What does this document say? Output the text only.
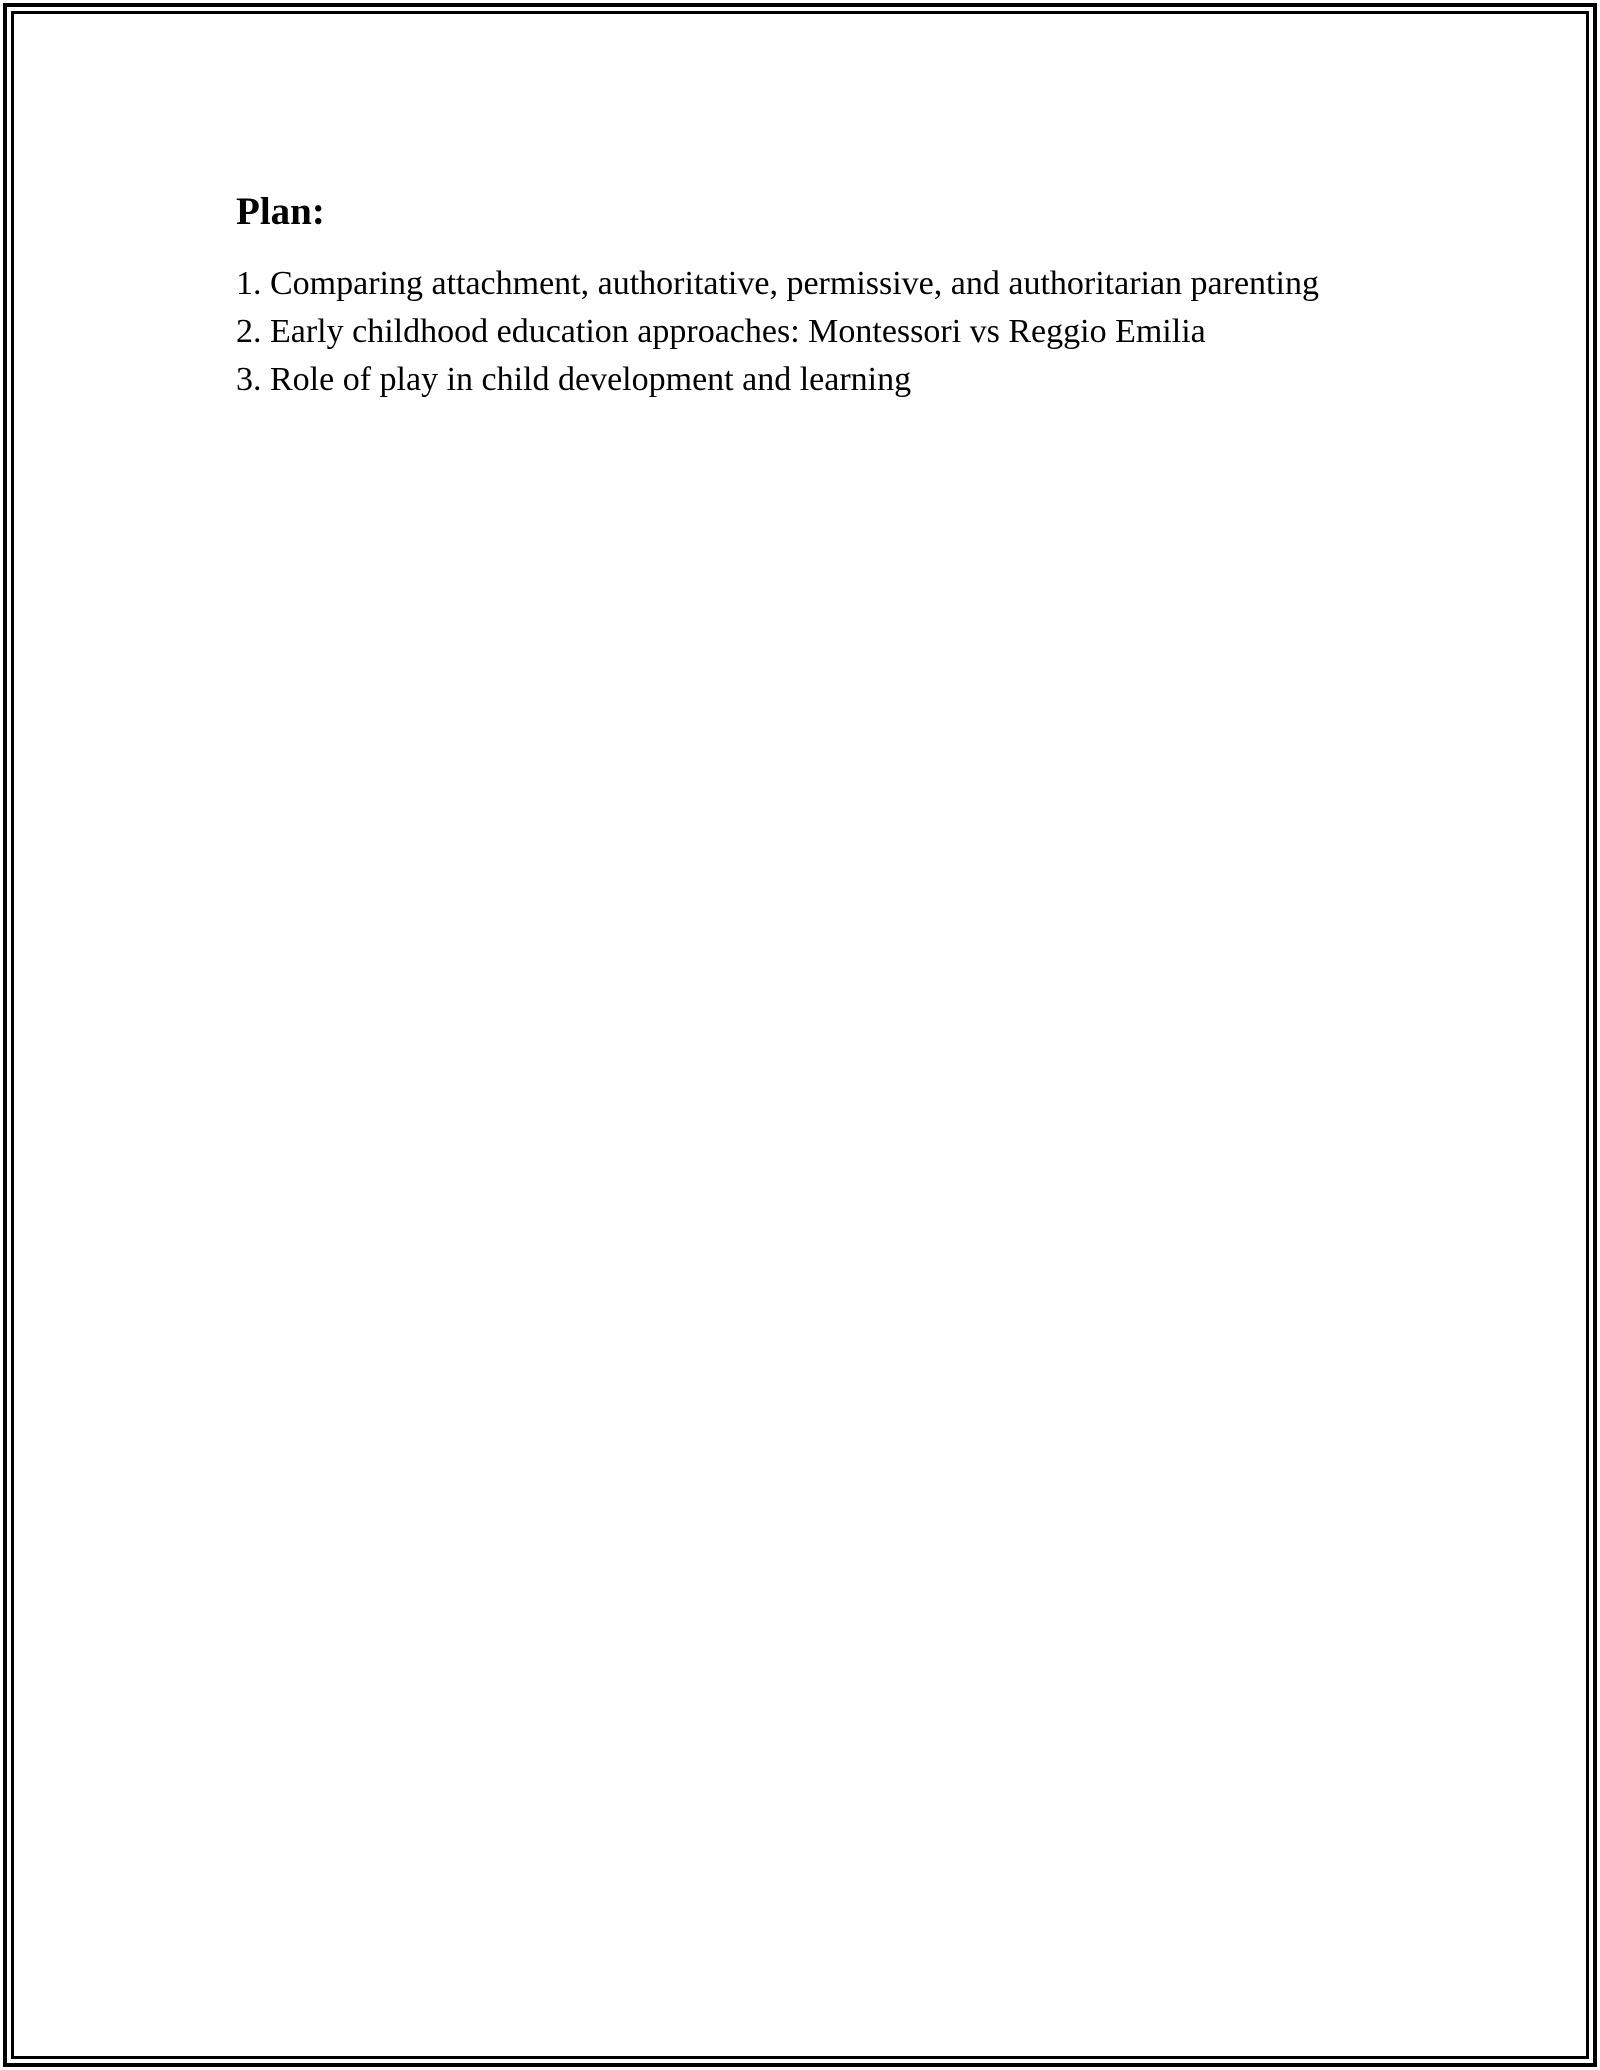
Plan:
1. Comparing attachment, authoritative, permissive, and authoritarian parenting
2. Early childhood education approaches: Montessori vs Reggio Emilia
3. Role of play in child development and learning
